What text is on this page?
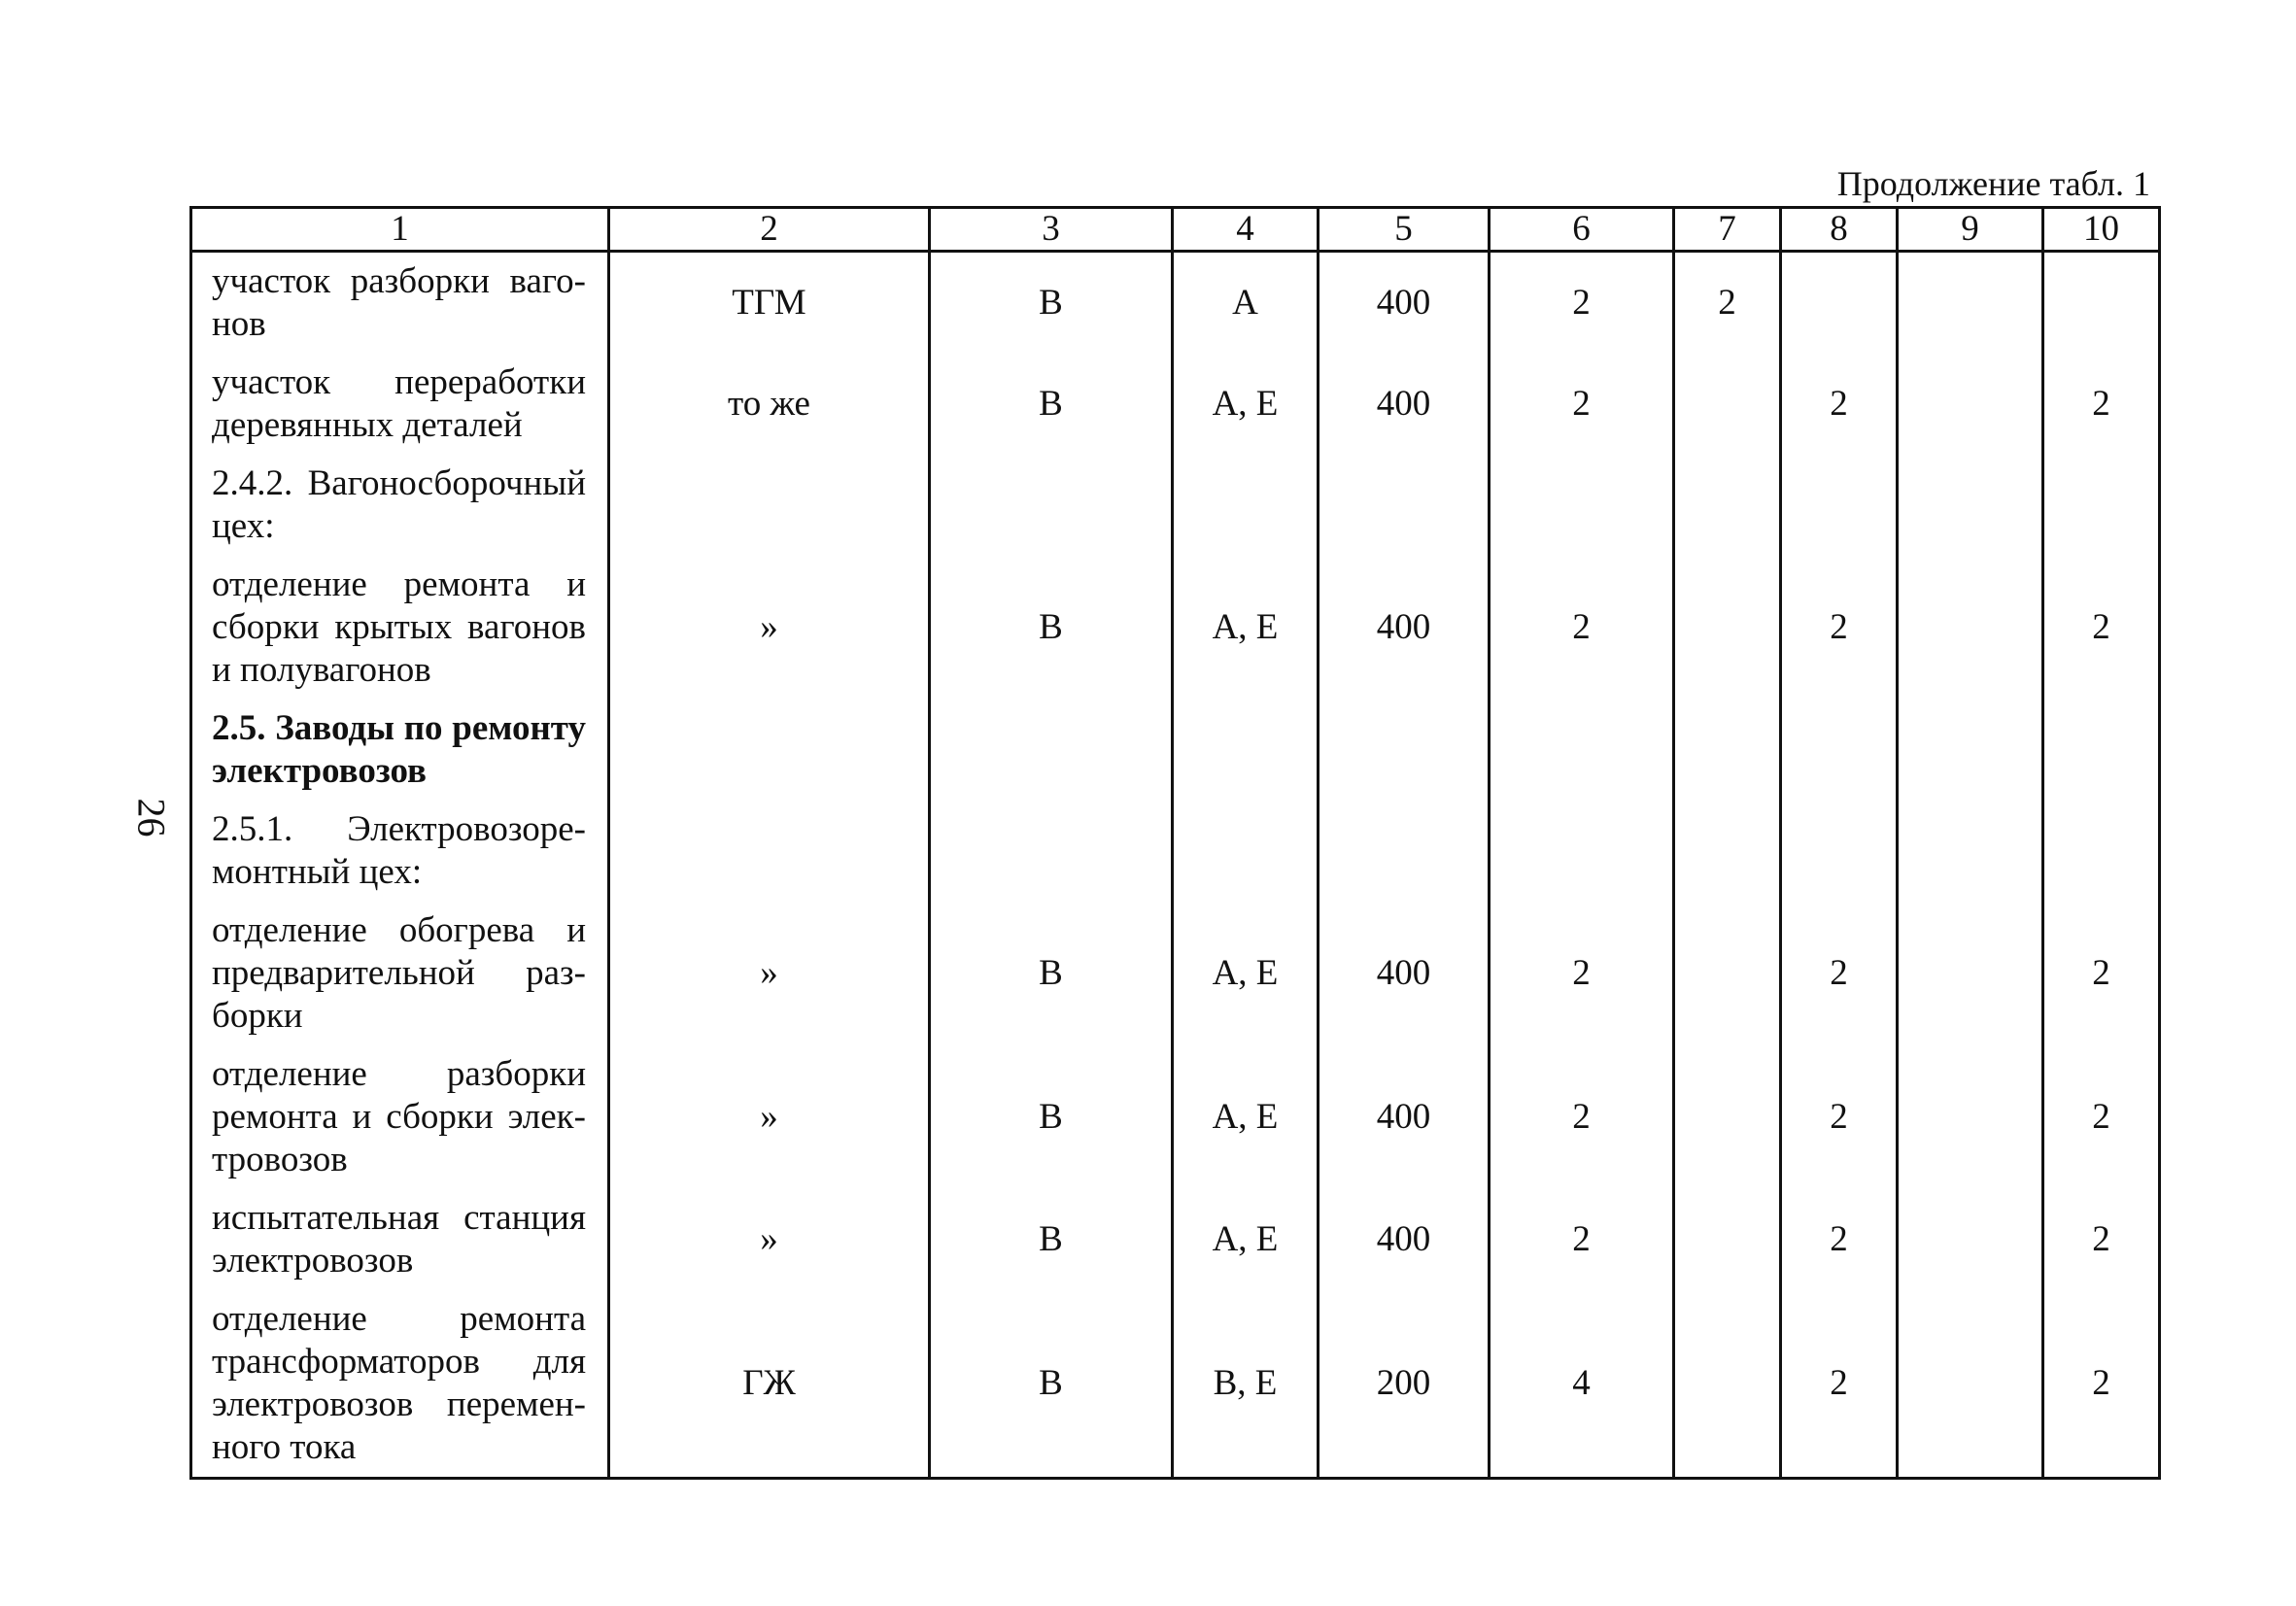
26
Продолжение табл. 1
1	2	3	4	5	6	7	8	9	10
участок разборки вагонов	ТГМ	В	А	400	2	2			
участок переработки деревянных деталей	то же	В	А, Е	400	2		2		2
2.4.2. Вагоносборочный цех:									
отделение ремонта и сборки крытых вагонов и полувагонов	»	В	А, Е	400	2		2		2
2.5. Заводы по ремонту электровозов									
2.5.1. Электровозоремонтный цех:									
отделение обогрева и предварительной разборки	»	В	А, Е	400	2		2		2
отделение разборки ремонта и сборки электровозов	»	В	А, Е	400	2		2		2
испытательная станция электровозов	»	В	А, Е	400	2		2		2
отделение ремонта трансформаторов для электровозов переменного тока	ГЖ	В	В, Е	200	4		2		2
